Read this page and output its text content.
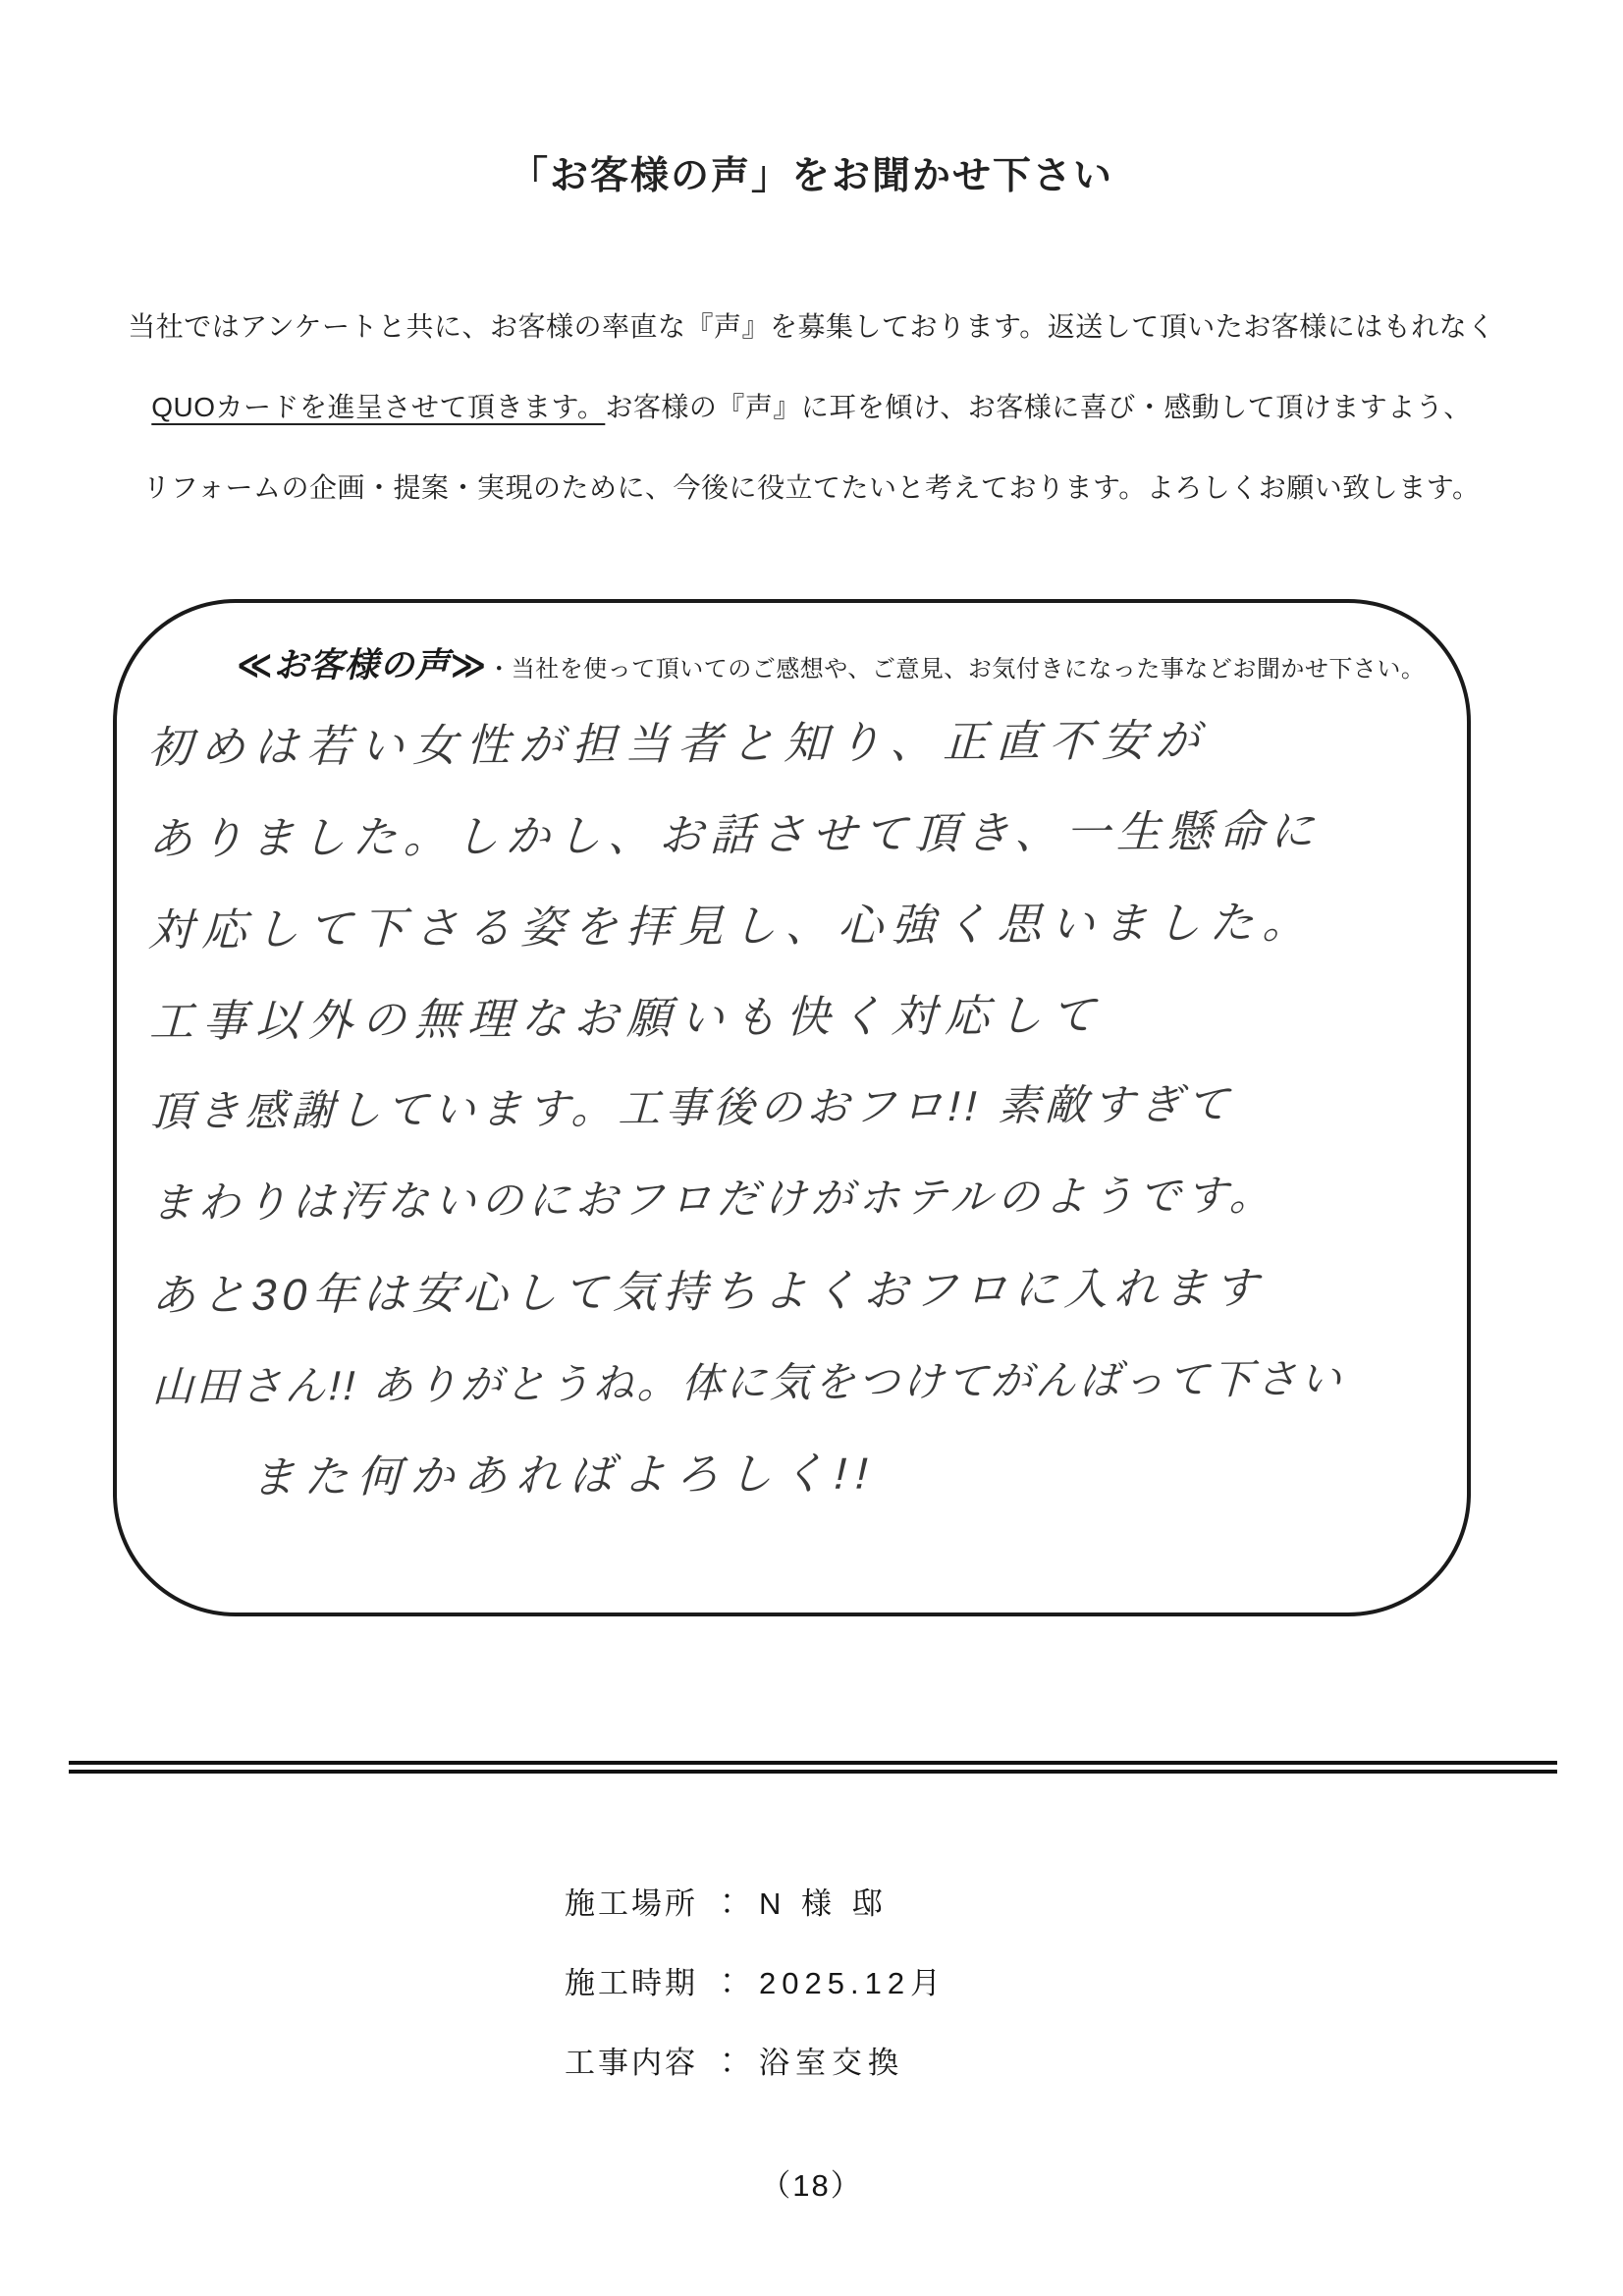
「お客様の声」をお聞かせ下さい
当社ではアンケートと共に、お客様の率直な『声』を募集しております。返送して頂いたお客様にはもれなく
QUOカードを進呈させて頂きます。お客様の『声』に耳を傾け、お客様に喜び・感動して頂けますよう、
リフォームの企画・提案・実現のために、今後に役立てたいと考えております。よろしくお願い致します。
≪お客様の声≫・当社を使って頂いてのご感想や、ご意見、お気付きになった事などお聞かせ下さい。
初めは若い女性が担当者と知り、正直不安が
ありました。しかし、お話させて頂き、一生懸命に
対応して下さる姿を拝見し、心強く思いました。
工事以外の無理なお願いも快く対応して
頂き感謝しています。工事後のおフロ!! 素敵すぎて
まわりは汚ないのにおフロだけがホテルのようです。
あと30年は安心して気持ちよくおフロに入れます
山田さん!! ありがとうね。体に気をつけてがんばって下さい
また何かあればよろしく!!
施工場所 ： N 様 邸
施工時期 ： 2025.12月
工事内容 ： 浴室交換
（18）
